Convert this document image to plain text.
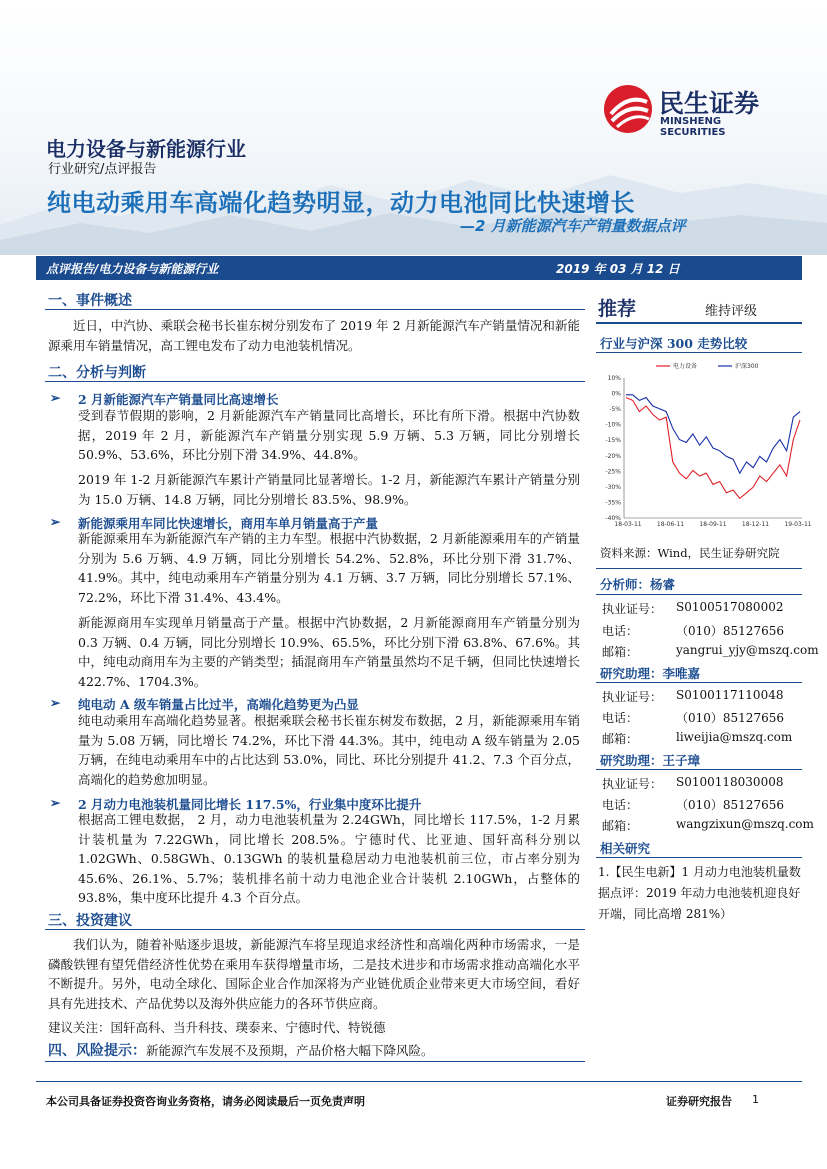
民生证券
MINSHENG SECURITIES
电力设备与新能源行业
行业研究/点评报告
纯电动乘用车高端化趋势明显，动力电池同比快速增长
—2 月新能源汽车产销量数据点评
点评报告/电力设备与新能源行业	2019 年 03 月 12 日
一、事件概述
近日，中汽协、乘联会秘书长崔东树分别发布了 2019 年 2 月新能源汽车产销量情况和新能源乘用车销量情况，高工锂电发布了动力电池装机情况。
二、分析与判断
➢ 2 月新能源汽车产销量同比高速增长
受到春节假期的影响，2 月新能源汽车产销量同比高增长，环比有所下滑。根据中汽协数据，2019 年 2 月，新能源汽车产销量分别实现 5.9 万辆、5.3 万辆，同比分别增长 50.9%、53.6%，环比分别下滑 34.9%、44.8%。
2019 年 1-2 月新能源汽车累计产销量同比显著增长。1-2 月，新能源汽车累计产销量分别为 15.0 万辆、14.8 万辆，同比分别增长 83.5%、98.9%。
➢ 新能源乘用车同比快速增长，商用车单月销量高于产量
新能源乘用车为新能源汽车产销的主力车型。根据中汽协数据，2 月新能源乘用车的产销量分别为 5.6 万辆、4.9 万辆，同比分别增长 54.2%、52.8%，环比分别下滑 31.7%、41.9%。其中，纯电动乘用车产销量分别为 4.1 万辆、3.7 万辆，同比分别增长 57.1%、72.2%，环比下滑 31.4%、43.4%。
新能源商用车实现单月销量高于产量。根据中汽协数据，2 月新能源商用车产销量分别为 0.3 万辆、0.4 万辆，同比分别增长 10.9%、65.5%，环比分别下滑 63.8%、67.6%。其中，纯电动商用车为主要的产销类型；插混商用车产销量虽然均不足千辆，但同比快速增长 422.7%、1704.3%。
➢ 纯电动 A 级车销量占比过半，高端化趋势更为凸显
纯电动乘用车高端化趋势显著。根据乘联会秘书长崔东树发布数据，2 月，新能源乘用车销量为 5.08 万辆，同比增长 74.2%，环比下滑 44.3%。其中，纯电动 A 级车销量为 2.05 万辆，在纯电动乘用车中的占比达到 53.0%，同比、环比分别提升 41.2、7.3 个百分点，高端化的趋势愈加明显。
➢ 2 月动力电池装机量同比增长 117.5%，行业集中度环比提升
根据高工锂电数据， 2 月，动力电池装机量为 2.24GWh，同比增长 117.5%，1-2 月累计装机量为 7.22GWh，同比增长 208.5%。宁德时代、比亚迪、国轩高科分别以 1.02GWh、0.58GWh、0.13GWh 的装机量稳居动力电池装机前三位，市占率分别为 45.6%、26.1%、5.7%；装机排名前十动力电池企业合计装机 2.10GWh，占整体的 93.8%，集中度环比提升 4.3 个百分点。
三、投资建议
我们认为，随着补贴逐步退坡，新能源汽车将呈现追求经济性和高端化两种市场需求，一是磷酸铁锂有望凭借经济性优势在乘用车获得增量市场，二是技术进步和市场需求推动高端化水平不断提升。另外，电动全球化、国际企业合作加深将为产业链优质企业带来更大市场空间，看好具有先进技术、产品优势以及海外供应能力的各环节供应商。
建议关注：国轩高科、当升科技、璞泰来、宁德时代、特锐德
四、风险提示：新能源汽车发展不及预期，产品价格大幅下降风险。
推荐	维持评级
行业与沪深 300 走势比较
10%
0%
-5%
-10%
-15%
-20%
-25%
-30%
-35%
-40%
18-03-11	18-06-11	18-09-11	18-12-11	19-03-11
电力设备	沪深300
资料来源：Wind，民生证券研究院
分析师：杨睿
执业证号： S0100517080002
电话：	（010）85127656
邮箱：	yangrui_yjy@mszq.com
研究助理：李唯嘉
执业证号： S0100117110048
电话：	（010）85127656
邮箱：	liweijia@mszq.com
研究助理：王子璋
执业证号： S0100118030008
电话：	（010）85127656
邮箱：	wangzixun@mszq.com
相关研究
1.【民生电新】1 月动力电池装机量数据点评：2019 年动力电池装机迎良好开端，同比高增 281%）
本公司具备证券投资咨询业务资格，请务必阅读最后一页免责声明	证券研究报告 1
